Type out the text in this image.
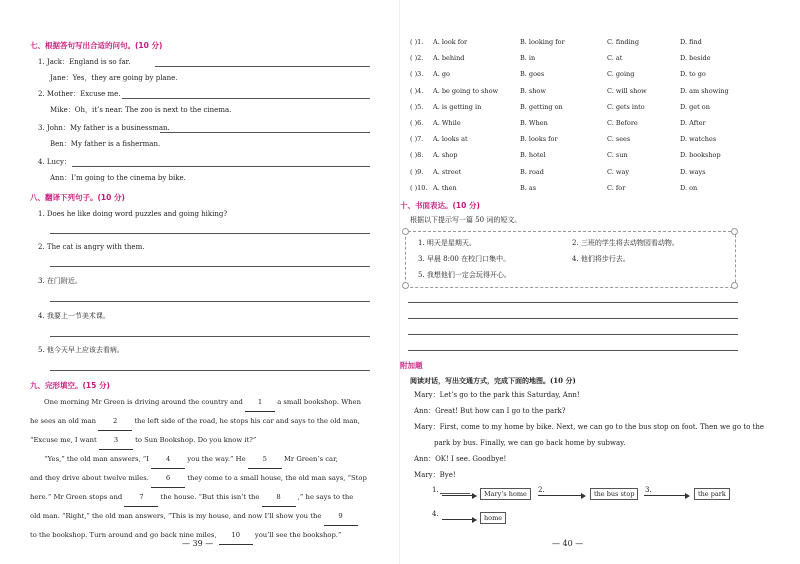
七、根据答句写出合适的问句。(10 分)
1. Jack：England is so far.
Jane：Yes，they are going by plane.
2. Mother：Excuse me.
Mike：Oh，it’s near. The zoo is next to the cinema.
3. John：My father is a businessman.
Ben：My father is a fisherman.
4. Lucy：
Ann：I’m going to the cinema by bike.
八、翻译下列句子。(10 分)
1. Does he like doing word puzzles and going hiking?
2. The cat is angry with them.
3. 在门附近。
4. 我要上一节美术课。
5. 他今天早上应该去看病。
九、完形填空。(15 分)
One morning Mr Green is driving around the country and 1 a small bookshop. When
he sees an old man	2	the left side of the road, he stops his car and says to the old man,
“Excuse me, I want	3	to Sun Bookshop. Do you know it?”
“Yes,” the old man answers, “I	4	you the way.” He	5	Mr Green’s car,
and they drive about twelve miles.	6	they come to a small house, the old man says, “Stop
here.” Mr Green stops and	7	the house. “But this isn’t the	8	,” he says to the
old man. “Right,” the old man answers, “This is my house, and now I’ll show you the	9
to the bookshop. Turn around and go back nine miles, 10 you’ll see the bookshop.”
— 39 —
( )1. A. look for	B. looking for	C. finding	D. find
( )2. A. behind	B. in	C. at	D. beside
( )3. A. go	B. goes	C. going	D. to go
( )4. A. be going to show	B. show	C. will show	D. am showing
( )5. A. is getting in	B. getting on	C. gets into	D. get on
( )6. A. While	B. When	C. Before	D. After
( )7. A. looks at	B. looks for	C. sees	D. watches
( )8. A. shop	B. hotel	C. sun	D. bookshop
( )9. A. street	B. road	C. way	D. ways
( )10. A. then	B. as	C. for	D. on
十、书面表达。(10 分)
根据以下提示写一篇 50 词的短文。
1. 明天是星期天。	2. 三班的学生将去动物园看动物。
3. 早晨 8:00 在校门口集中。	4. 他们将步行去。
5. 我想他们一定会玩得开心。
附加题
阅读对话，写出交通方式，完成下面的地图。(10 分)
Mary：Let’s go to the park this Saturday, Ann!
Ann：Great! But how can I go to the park?
Mary：First, come to my home by bike. Next, we can go to the bus stop on foot. Then we go to the
park by bus. Finally, we can go back home by subway.
Ann：OK! I see. Goodbye!
Mary：Bye!
1.	Mary’s home	2.	the bus stop	3.	the park
4.	home
— 40 —
